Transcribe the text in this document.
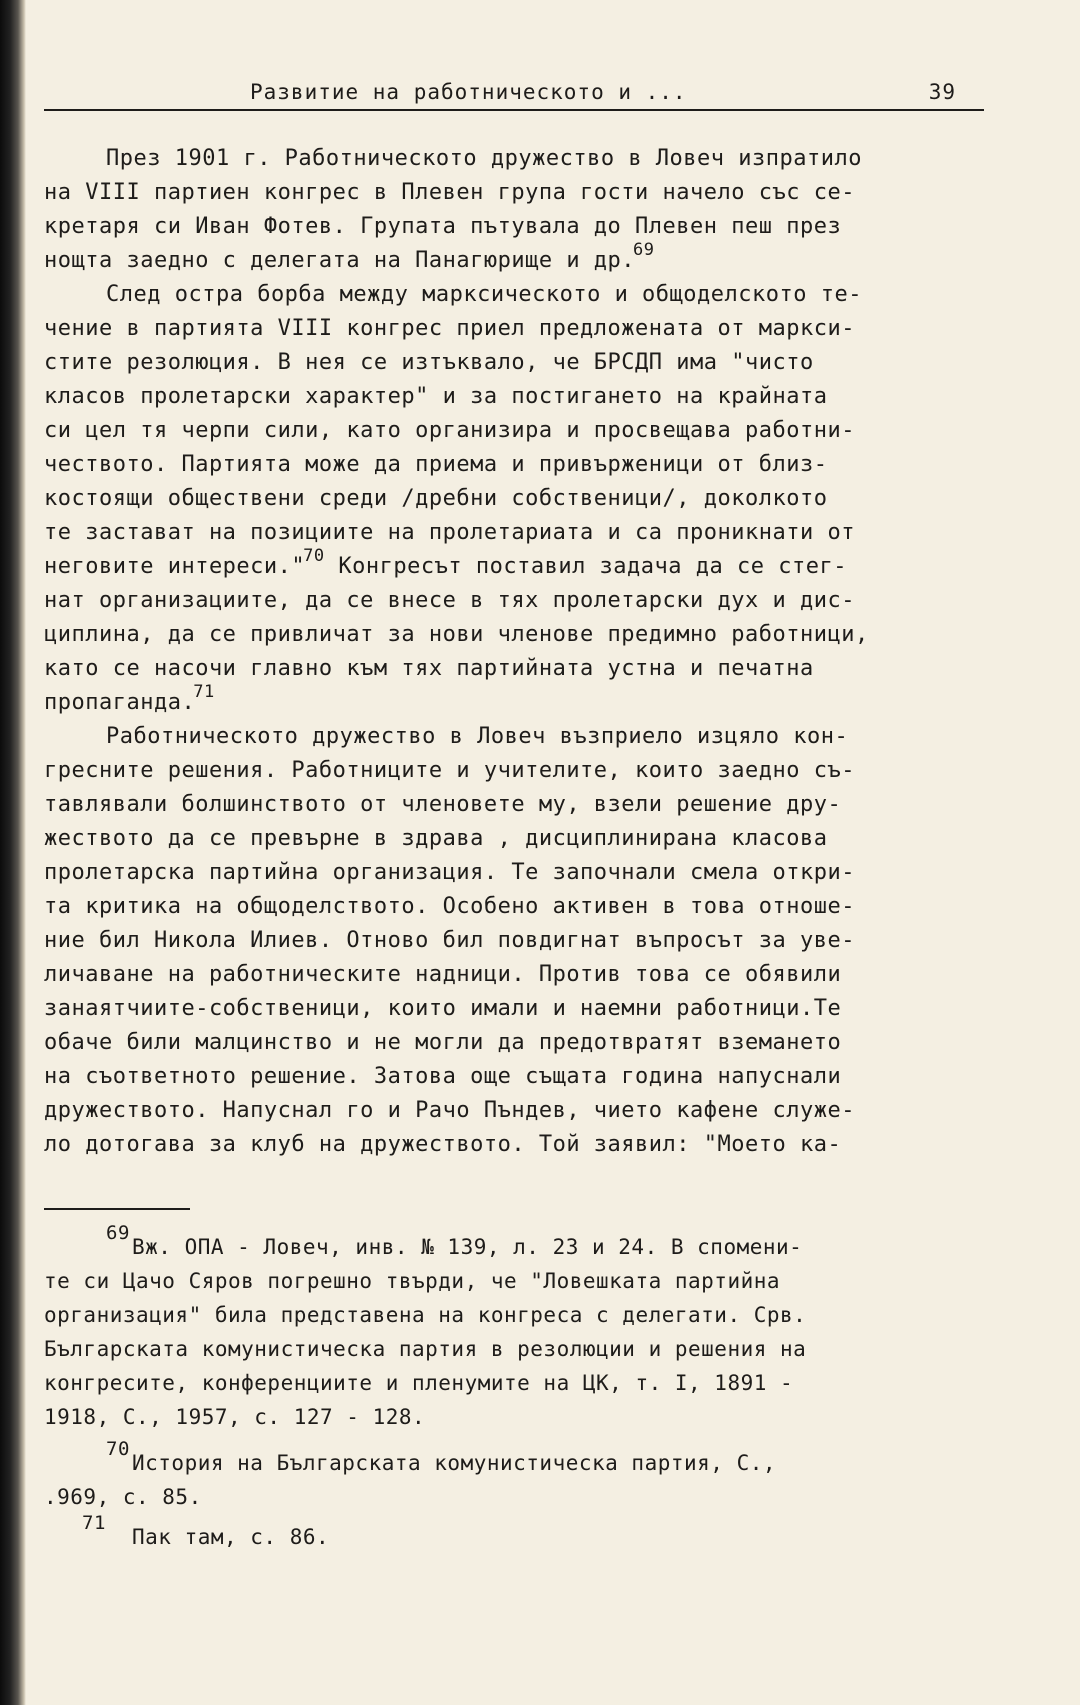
Развитие на работническото и ...	39
През 1901 г. Работническото дружество в Ловеч изпратило
на VIII партиен конгрес в Плевен група гости начело със се-
кретаря си Иван Фотев. Групата пътувала до Плевен пеш през
нощта заедно с делегата на Панагюрище и др.$^{69}$
След остра борба между марксическото и общоделското те-
чение в партията VIII конгрес приел предложената от маркси-
стите резолюция. В нея се изтъквало, че БРСДП има "чисто
класов пролетарски характер" и за постигането на крайната
си цел тя черпи сили, като организира и просвещава работни-
чеството. Партията може да приема и привърженици от близ-
костоящи обществени среди /дребни собственици/, доколкото
те застават на позициите на пролетариата и са проникнати от
неговите интереси."$^{70}$ Конгресът поставил задача да се стег-
нат организациите, да се внесе в тях пролетарски дух и дис-
циплина, да се привличат за нови членове предимно работници,
като се насочи главно към тях партийната устна и печатна
пропаганда.$^{71}$
Работническото дружество в Ловеч възприело изцяло кон-
гресните решения. Работниците и учителите, които заедно съ-
тавлявали болшинството от членовете му, взели решение дру-
жеството да се превърне в здрава , дисциплинирана класова
пролетарска партийна организация. Те започнали смела откри-
та критика на общоделството. Особено активен в това отноше-
ние бил Никола Илиев. Отново бил повдигнат въпросът за уве-
личаване на работническите надници. Против това се обявили
занаятчиите-собственици, които имали и наемни работници.Те
обаче били малцинство и не могли да предотвратят вземането
на съответното решение. Затова още същата година напуснали
дружеството. Напуснал го и Рачо Пъндев, чието кафене служе-
ло дотогава за клуб на дружеството. Той заявил: "Моето ка-
69
Вж. ОПА - Ловеч, инв. № 139, л. 23 и 24. В спомени-
те си Цачо Сяров погрешно твърди, че "Ловешката партийна
организация" била представена на конгреса с делегати. Срв.
Българската комунистическа партия в резолюции и решения на
конгресите, конференциите и пленумите на ЦК, т. I, 1891 -
1918, С., 1957, с. 127 - 128.
70
История на Българската комунистическа партия, С.,
.969, с. 85.
71
Пак там, с. 86.
